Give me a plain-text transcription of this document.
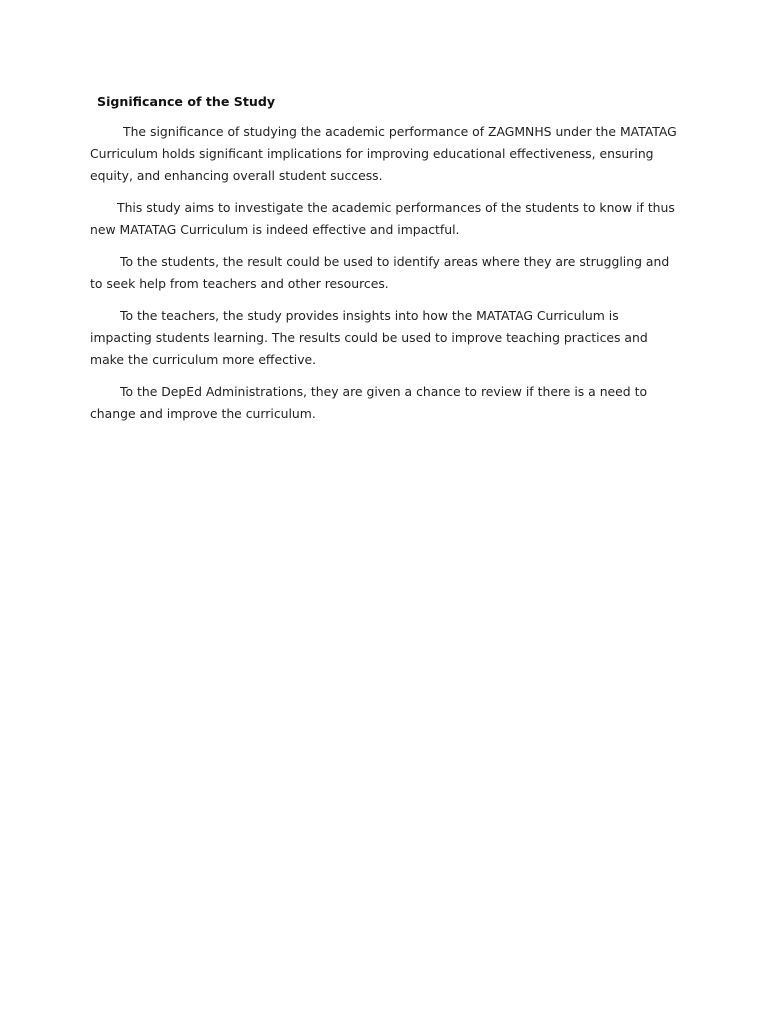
Significance of the Study

The significance of studying the academic performance of ZAGMNHS under the MATATAG Curriculum holds significant implications for improving educational effectiveness, ensuring equity, and enhancing overall student success.

This study aims to investigate the academic performances of the students to know if thus new MATATAG Curriculum is indeed effective and impactful.

To the students, the result could be used to identify areas where they are struggling and to seek help from teachers and other resources.

To the teachers, the study provides insights into how the MATATAG Curriculum is impacting students learning. The results could be used to improve teaching practices and make the curriculum more effective.

To the DepEd Administrations, they are given a chance to review if there is a need to change and improve the curriculum.
